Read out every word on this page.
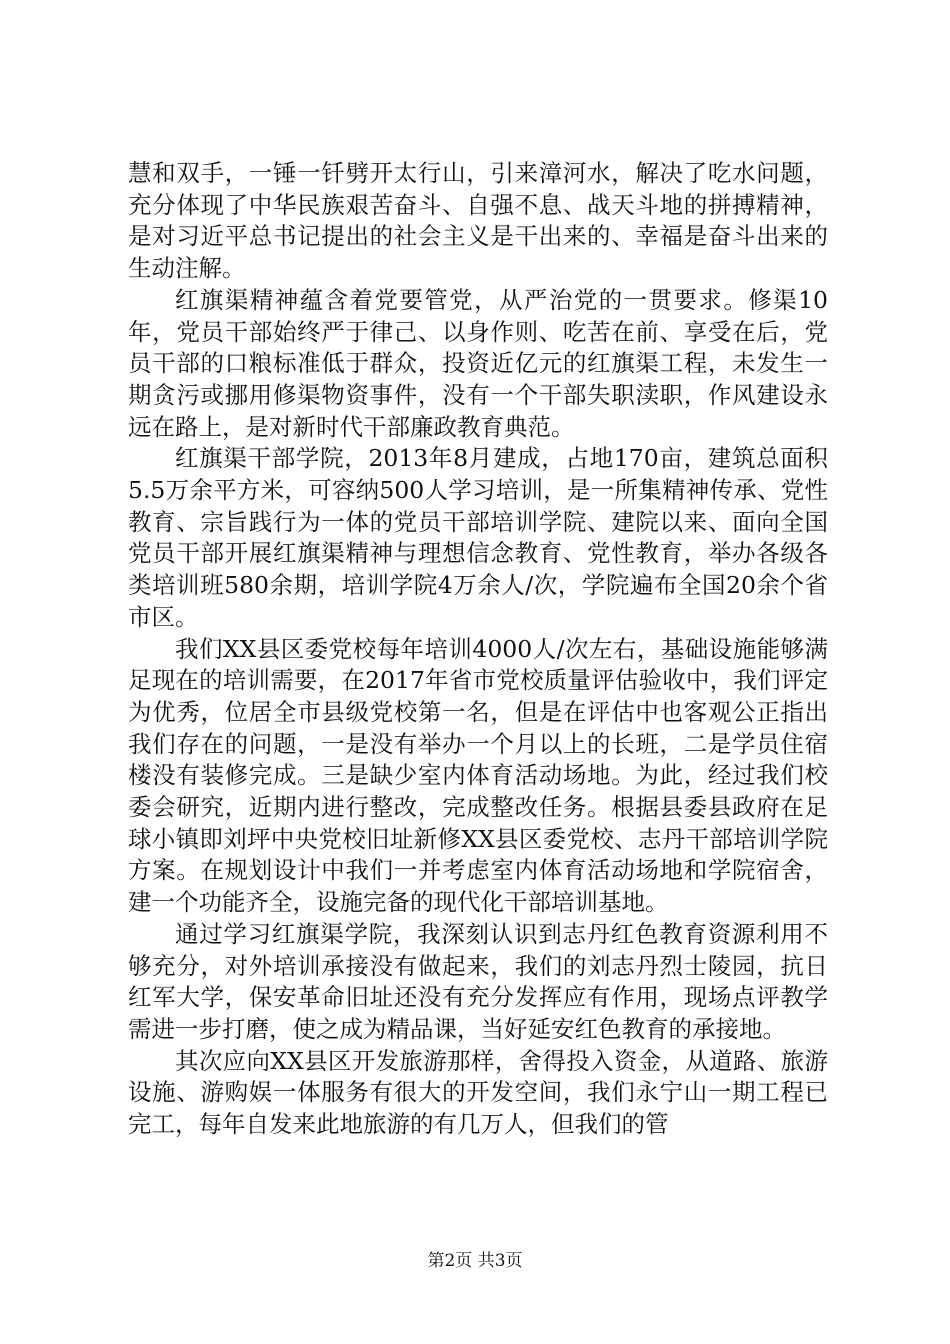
慧和双手，一锤一钎劈开太行山，引来漳河水，解决了吃水问题，充分体现了中华民族艰苦奋斗、自强不息、战天斗地的拼搏精神，是对习近平总书记提出的社会主义是干出来的、幸福是奋斗出来的生动注解。

红旗渠精神蕴含着党要管党，从严治党的一贯要求。修渠10年，党员干部始终严于律己、以身作则、吃苦在前、享受在后，党员干部的口粮标准低于群众，投资近亿元的红旗渠工程，未发生一期贪污或挪用修渠物资事件，没有一个干部失职渎职，作风建设永远在路上，是对新时代干部廉政教育典范。

红旗渠干部学院，2013年8月建成，占地170亩，建筑总面积5.5万余平方米，可容纳500人学习培训，是一所集精神传承、党性教育、宗旨践行为一体的党员干部培训学院、建院以来、面向全国党员干部开展红旗渠精神与理想信念教育、党性教育，举办各级各类培训班580余期，培训学院4万余人/次，学院遍布全国20余个省市区。

我们XX县区委党校每年培训4000人/次左右，基础设施能够满足现在的培训需要，在2017年省市党校质量评估验收中，我们评定为优秀，位居全市县级党校第一名，但是在评估中也客观公正指出我们存在的问题，一是没有举办一个月以上的长班，二是学员住宿楼没有装修完成。三是缺少室内体育活动场地。为此，经过我们校委会研究，近期内进行整改，完成整改任务。根据县委县政府在足球小镇即刘坪中央党校旧址新修XX县区委党校、志丹干部培训学院方案。在规划设计中我们一并考虑室内体育活动场地和学院宿舍，建一个功能齐全，设施完备的现代化干部培训基地。

通过学习红旗渠学院，我深刻认识到志丹红色教育资源利用不够充分，对外培训承接没有做起来，我们的刘志丹烈士陵园，抗日红军大学，保安革命旧址还没有充分发挥应有作用，现场点评教学需进一步打磨，使之成为精品课，当好延安红色教育的承接地。

其次应向XX县区开发旅游那样，舍得投入资金，从道路、旅游设施、游购娱一体服务有很大的开发空间，我们永宁山一期工程已完工，每年自发来此地旅游的有几万人，但我们的管

第2页 共3页
